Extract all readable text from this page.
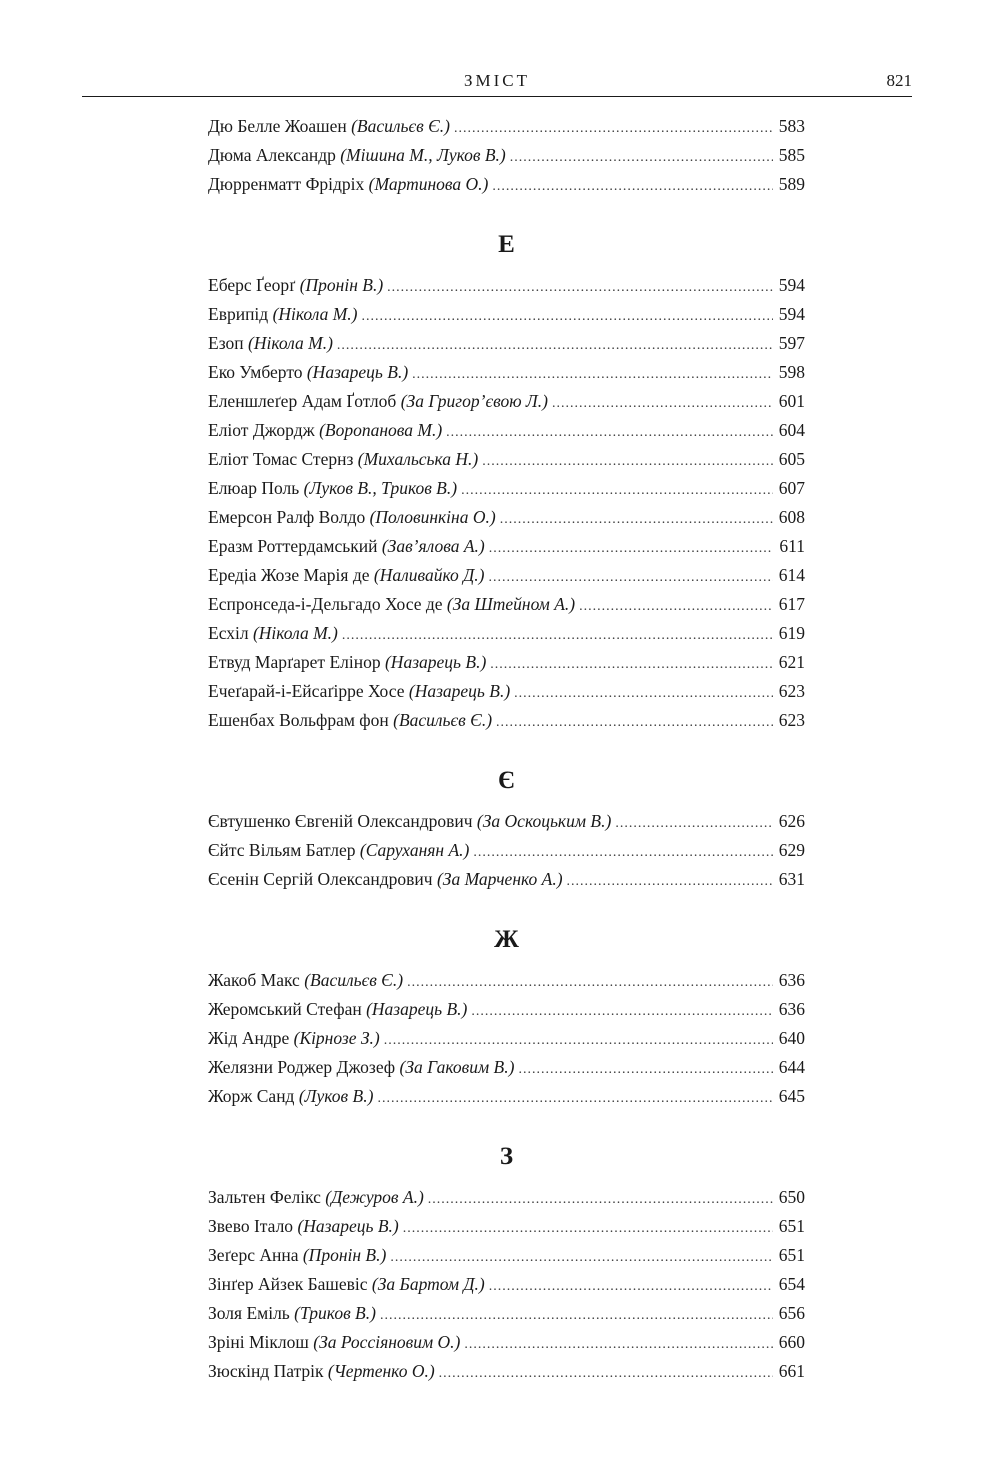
ЗМІСТ	821
Дю Белле Жоашен (Васильєв Є.) .....	583
Дюма Александр (Мішина М., Луков В.) .....	585
Дюрренматт Фрідріх (Мартинова О.) .....	589
Е
Еберс Ґеорґ (Пронін В.) .....	594
Еврипід (Нікола М.) .....	594
Езоп (Нікола М.) .....	597
Еко Умберто (Назарець В.) .....	598
Еленшлеґер Адам Ґотлоб (За Григор’євою Л.) .....	601
Еліот Джордж (Воропанова М.) .....	604
Еліот Томас Стернз (Михальська Н.) .....	605
Елюар Поль (Луков В., Триков В.) .....	607
Емерсон Ралф Волдо (Половинкіна О.) .....	608
Еразм Роттердамський (Зав’ялова А.) .....	611
Ередіа Жозе Марія де (Наливайко Д.) .....	614
Еспронседа-і-Дельгадо Хосе де (За Штейном А.) .....	617
Есхіл (Нікола М.) .....	619
Етвуд Марґарет Елінор (Назарець В.) .....	621
Ечеґарай-і-Ейсаґірре Хосе (Назарець В.) .....	623
Ешенбах Вольфрам фон (Васильєв Є.) .....	623
Є
Євтушенко Євгеній Олександрович (За Оскоцьким В.) .....	626
Єйтс Вільям Батлер (Саруханян А.) .....	629
Єсенін Сергій Олександрович (За Марченко А.) .....	631
Ж
Жакоб Макс (Васильєв Є.) .....	636
Жеромський Стефан (Назарець В.) .....	636
Жід Андре (Кірнозе З.) .....	640
Желязни Роджер Джозеф (За Гаковим В.) .....	644
Жорж Санд (Луков В.) .....	645
З
Зальтен Фелікс (Дежуров А.) .....	650
Звево Італо (Назарець В.) .....	651
Зеґерс Анна (Пронін В.) .....	651
Зінґер Айзек Башевіс (За Бартом Д.) .....	654
Золя Еміль (Триков В.) .....	656
Зріні Міклош (За Россіяновим О.) .....	660
Зюскінд Патрік (Чертенко О.) .....	661
